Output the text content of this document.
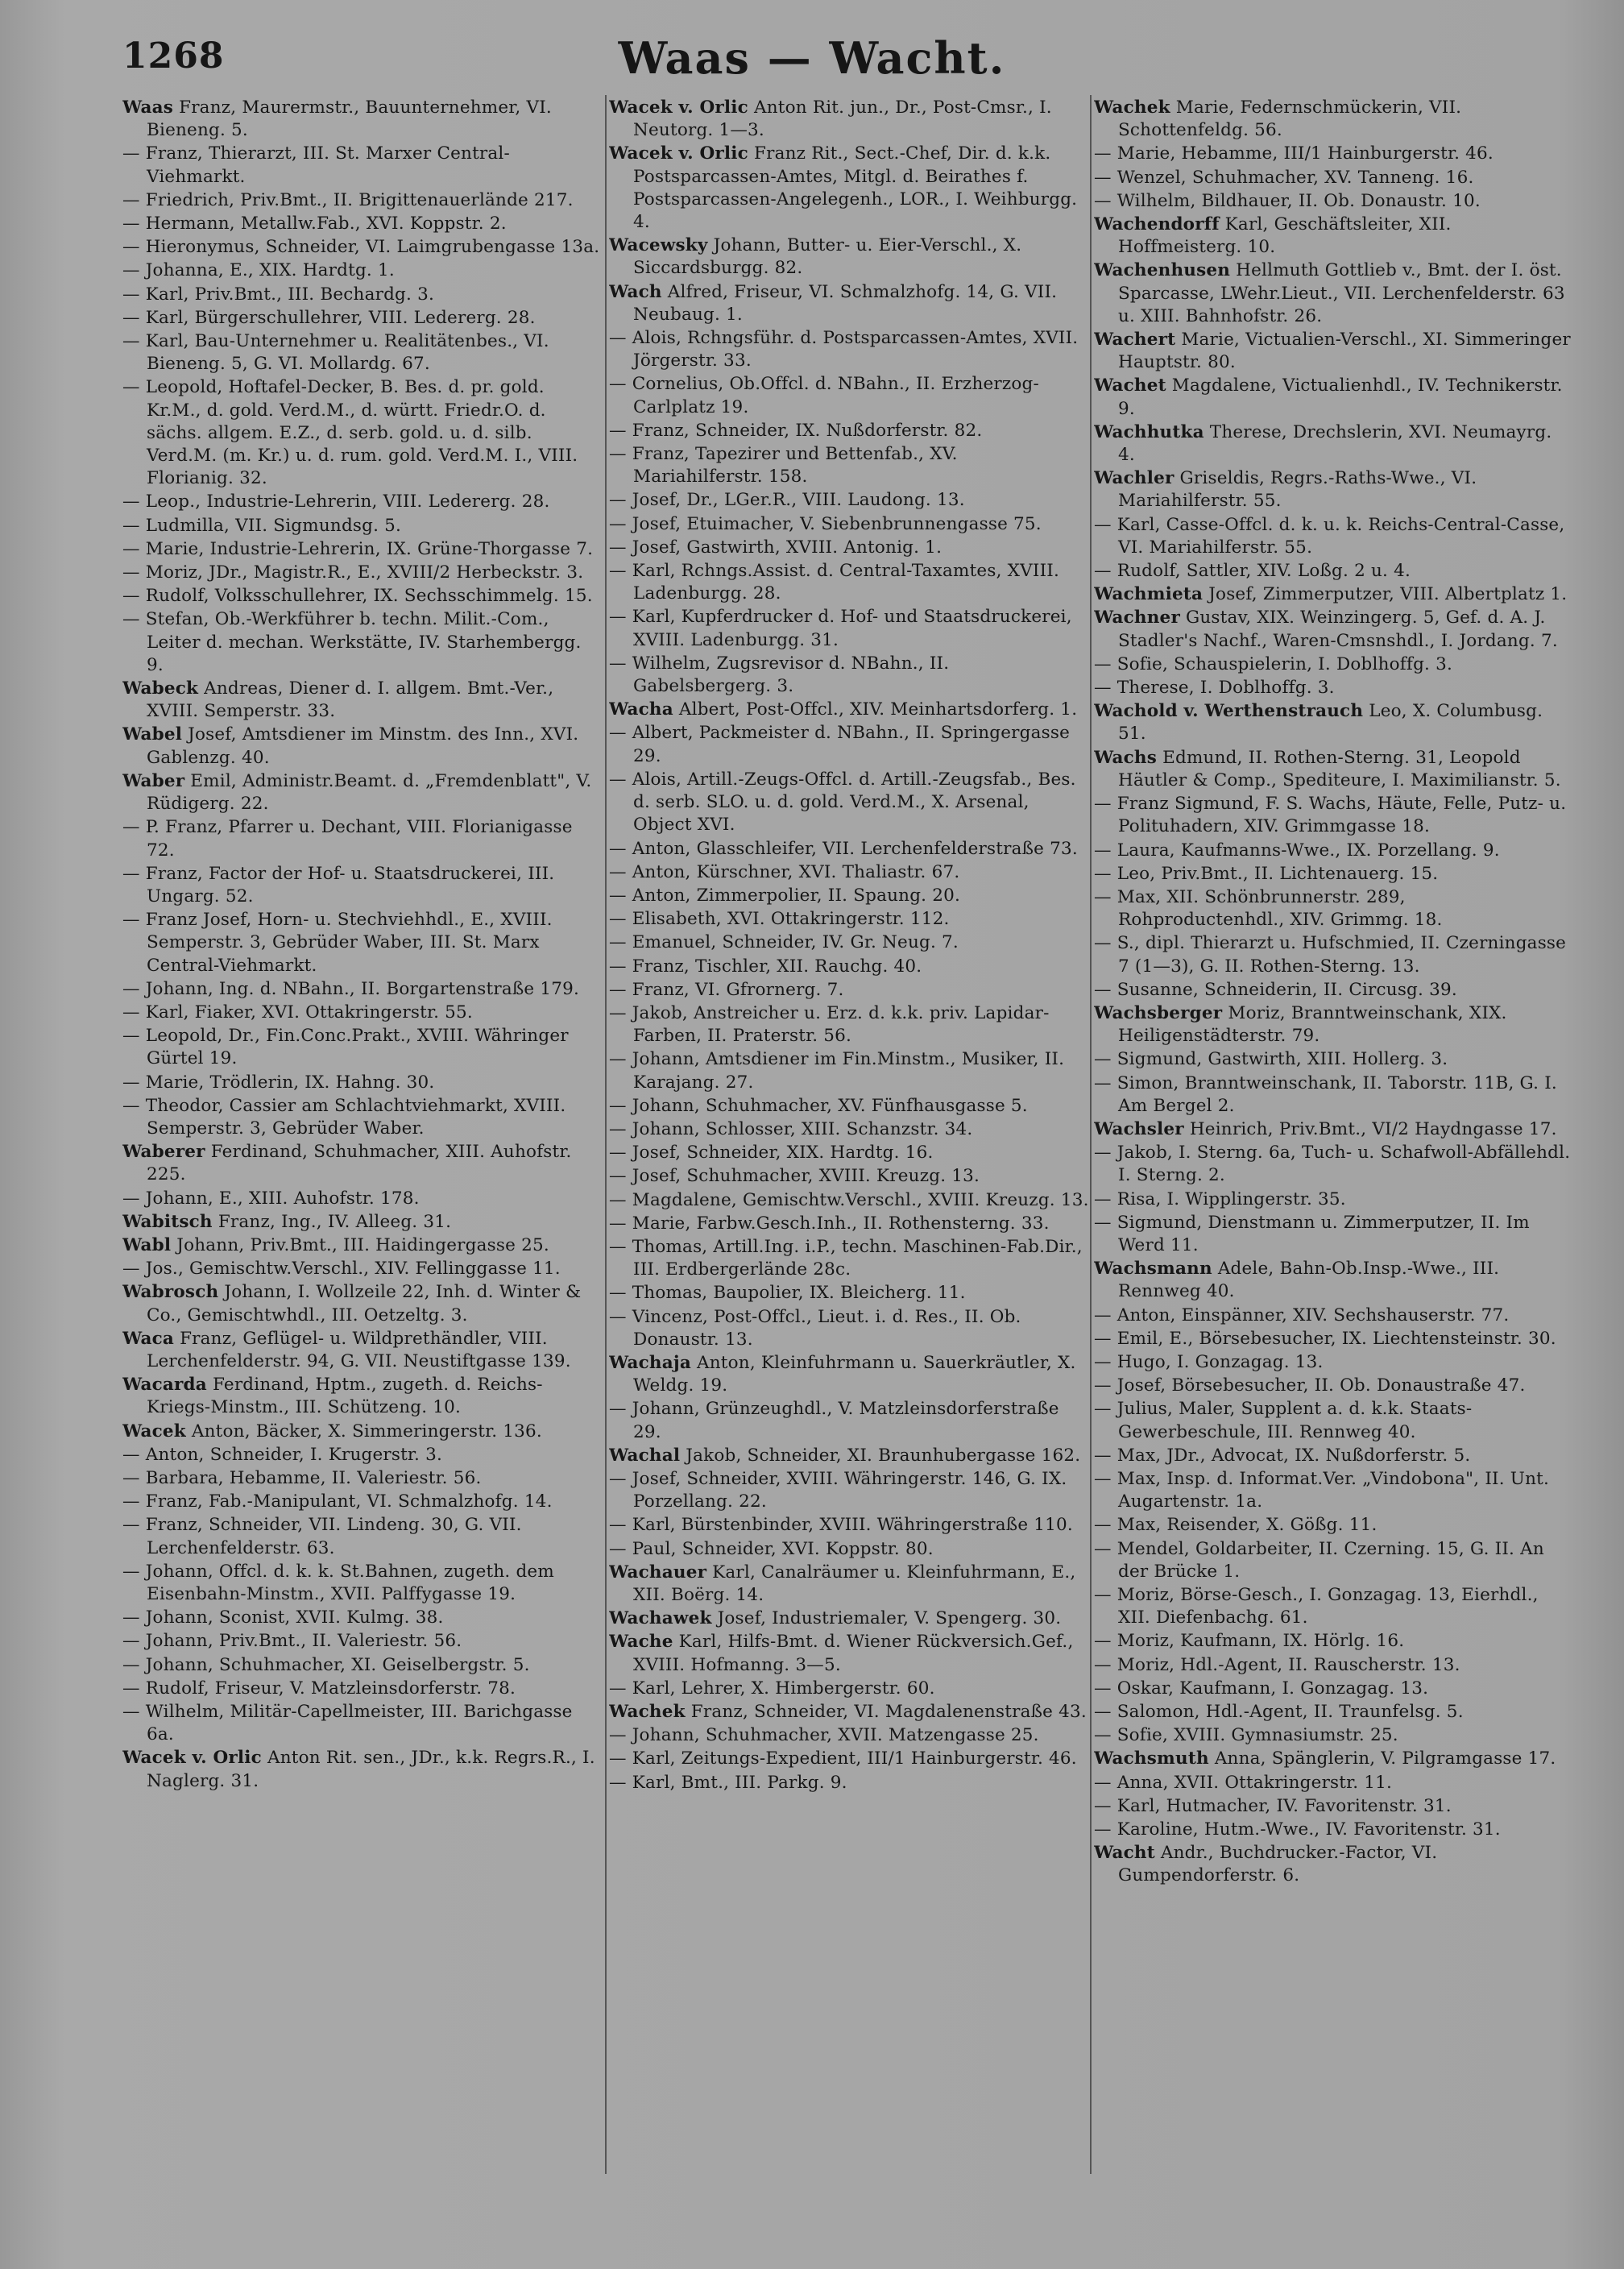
1268	Waas — Wacht.
Waas Franz, Maurermstr., Bauunternehmer, VI. Bieneng. 5.
— Franz, Thierarzt, III. St. Marxer Central-Viehmarkt.
— Friedrich, Priv.Bmt., II. Brigittenauerlände 217.
— Hermann, Metallw.Fab., XVI. Koppstr. 2.
— Hieronymus, Schneider, VI. Laimgrubengasse 13a.
— Johanna, E., XIX. Hardtg. 1.
— Karl, Priv.Bmt., III. Bechardg. 3.
— Karl, Bürgerschullehrer, VIII. Ledererg. 28.
— Karl, Bau-Unternehmer u. Realitätenbes., VI. Bieneng. 5, G. VI. Mollardg. 67.
— Leopold, Hoftafel-Decker, B. Bes. d. pr. gold. Kr.M., d. gold. Verd.M., d. württ. Friedr.O. d. sächs. allgem. E.Z., d. serb. gold. u. d. silb. Verd.M. (m. Kr.) u. d. rum. gold. Verd.M. I., VIII. Florianig. 32.
— Leop., Industrie-Lehrerin, VIII. Ledererg. 28.
— Ludmilla, VII. Sigmundsg. 5.
— Marie, Industrie-Lehrerin, IX. Grüne-Thorgasse 7.
— Moriz, JDr., Magistr.R., E., XVIII/2 Herbeckstr. 3.
— Rudolf, Volksschullehrer, IX. Sechsschimmelg. 15.
— Stefan, Ob.-Werkführer b. techn. Milit.-Com., Leiter d. mechan. Werkstätte, IV. Starhembergg. 9.
Wabeck Andreas, Diener d. I. allgem. Bmt.-Ver., XVIII. Semperstr. 33.
Wabel Josef, Amtsdiener im Minstm. des Inn., XVI. Gablenzg. 40.
Waber Emil, Administr.Beamt. d. „Fremdenblatt", V. Rüdigerg. 22.
— P. Franz, Pfarrer u. Dechant, VIII. Florianigasse 72.
— Franz, Factor der Hof- u. Staatsdruckerei, III. Ungarg. 52.
— Franz Josef, Horn- u. Stechviehhdl., E., XVIII. Semperstr. 3, Gebrüder Waber, III. St. Marx Central-Viehmarkt.
— Johann, Ing. d. NBahn., II. Borgartenstraße 179.
— Karl, Fiaker, XVI. Ottakringerstr. 55.
— Leopold, Dr., Fin.Conc.Prakt., XVIII. Währinger Gürtel 19.
— Marie, Trödlerin, IX. Hahng. 30.
— Theodor, Cassier am Schlachtviehmarkt, XVIII. Semperstr. 3, Gebrüder Waber.
Waberer Ferdinand, Schuhmacher, XIII. Auhofstr. 225.
— Johann, E., XIII. Auhofstr. 178.
Wabitsch Franz, Ing., IV. Alleeg. 31.
Wabl Johann, Priv.Bmt., III. Haidingergasse 25.
— Jos., Gemischtw.Verschl., XIV. Fellinggasse 11.
Wabrosch Johann, I. Wollzeile 22, Inh. d. Winter & Co., Gemischtwhdl., III. Oetzeltg. 3.
Waca Franz, Geflügel- u. Wildprethändler, VIII. Lerchenfelderstr. 94, G. VII. Neustiftgasse 139.
Wacarda Ferdinand, Hptm., zugeth. d. Reichs-Kriegs-Minstm., III. Schützeng. 10.
Wacek Anton, Bäcker, X. Simmeringerstr. 136.
— Anton, Schneider, I. Krugerstr. 3.
— Barbara, Hebamme, II. Valeriestr. 56.
— Franz, Fab.-Manipulant, VI. Schmalzhofg. 14.
— Franz, Schneider, VII. Lindeng. 30, G. VII. Lerchenfelderstr. 63.
— Johann, Offcl. d. k. k. St.Bahnen, zugeth. dem Eisenbahn-Minstm., XVII. Palffygasse 19.
— Johann, Sconist, XVII. Kulmg. 38.
— Johann, Priv.Bmt., II. Valeriestr. 56.
— Johann, Schuhmacher, XI. Geiselbergstr. 5.
— Rudolf, Friseur, V. Matzleinsdorferstr. 78.
— Wilhelm, Militär-Capellmeister, III. Barichgasse 6a.
Wacek v. Orlic Anton Rit. sen., JDr., k.k. Regrs.R., I. Naglerg. 31.
Wacek v. Orlic Anton Rit. jun., Dr., Post-Cmsr., I. Neutorg. 1—3.
Wacek v. Orlic Franz Rit., Sect.-Chef, Dir. d. k.k. Postsparcassen-Amtes, Mitgl. d. Beirathes f. Postsparcassen-Angelegenh., LOR., I. Weihburgg. 4.
Wacewsky Johann, Butter- u. Eier-Verschl., X. Siccardsburgg. 82.
Wach Alfred, Friseur, VI. Schmalzhofg. 14, G. VII. Neubaug. 1.
— Alois, Rchngsführ. d. Postsparcassen-Amtes, XVII. Jörgerstr. 33.
— Cornelius, Ob.Offcl. d. NBahn., II. Erzherzog-Carlplatz 19.
— Franz, Schneider, IX. Nußdorferstr. 82.
— Franz, Tapezirer und Bettenfab., XV. Mariahilferstr. 158.
— Josef, Dr., LGer.R., VIII. Laudong. 13.
— Josef, Etuimacher, V. Siebenbrunnengasse 75.
— Josef, Gastwirth, XVIII. Antonig. 1.
— Karl, Rchngs.Assist. d. Central-Taxamtes, XVIII. Ladenburgg. 28.
— Karl, Kupferdrucker d. Hof- und Staatsdruckerei, XVIII. Ladenburgg. 31.
— Wilhelm, Zugsrevisor d. NBahn., II. Gabelsbergerg. 3.
Wacha Albert, Post-Offcl., XIV. Meinhartsdorferg. 1.
— Albert, Packmeister d. NBahn., II. Springergasse 29.
— Alois, Artill.-Zeugs-Offcl. d. Artill.-Zeugsfab., Bes. d. serb. SLO. u. d. gold. Verd.M., X. Arsenal, Object XVI.
— Anton, Glasschleifer, VII. Lerchenfelderstraße 73.
— Anton, Kürschner, XVI. Thaliastr. 67.
— Anton, Zimmerpolier, II. Spaung. 20.
— Elisabeth, XVI. Ottakringerstr. 112.
— Emanuel, Schneider, IV. Gr. Neug. 7.
— Franz, Tischler, XII. Rauchg. 40.
— Franz, VI. Gfrornerg. 7.
— Jakob, Anstreicher u. Erz. d. k.k. priv. Lapidar-Farben, II. Praterstr. 56.
— Johann, Amtsdiener im Fin.Minstm., Musiker, II. Karajang. 27.
— Johann, Schuhmacher, XV. Fünfhausgasse 5.
— Johann, Schlosser, XIII. Schanzstr. 34.
— Josef, Schneider, XIX. Hardtg. 16.
— Josef, Schuhmacher, XVIII. Kreuzg. 13.
— Magdalene, Gemischtw.Verschl., XVIII. Kreuzg. 13.
— Marie, Farbw.Gesch.Inh., II. Rothensterng. 33.
— Thomas, Artill.Ing. i.P., techn. Maschinen-Fab.Dir., III. Erdbergerlände 28c.
— Thomas, Baupolier, IX. Bleicherg. 11.
— Vincenz, Post-Offcl., Lieut. i. d. Res., II. Ob. Donaustr. 13.
Wachaja Anton, Kleinfuhrmann u. Sauerkräutler, X. Weldg. 19.
— Johann, Grünzeughdl., V. Matzleinsdorferstraße 29.
Wachal Jakob, Schneider, XI. Braunhubergasse 162.
— Josef, Schneider, XVIII. Währingerstr. 146, G. IX. Porzellang. 22.
— Karl, Bürstenbinder, XVIII. Währingerstraße 110.
— Paul, Schneider, XVI. Koppstr. 80.
Wachauer Karl, Canalräumer u. Kleinfuhrmann, E., XII. Boërg. 14.
Wachawek Josef, Industriemaler, V. Spengerg. 30.
Wache Karl, Hilfs-Bmt. d. Wiener Rückversich.Gef., XVIII. Hofmanng. 3—5.
— Karl, Lehrer, X. Himbergerstr. 60.
Wachek Franz, Schneider, VI. Magdalenenstraße 43.
— Johann, Schuhmacher, XVII. Matzengasse 25.
— Karl, Zeitungs-Expedient, III/1 Hainburgerstr. 46.
— Karl, Bmt., III. Parkg. 9.
Wachek Marie, Federnschmückerin, VII. Schottenfeldg. 56.
— Marie, Hebamme, III/1 Hainburgerstr. 46.
— Wenzel, Schuhmacher, XV. Tanneng. 16.
— Wilhelm, Bildhauer, II. Ob. Donaustr. 10.
Wachendorff Karl, Geschäftsleiter, XII. Hoffmeisterg. 10.
Wachenhusen Hellmuth Gottlieb v., Bmt. der I. öst. Sparcasse, LWehr.Lieut., VII. Lerchenfelderstr. 63 u. XIII. Bahnhofstr. 26.
Wachert Marie, Victualien-Verschl., XI. Simmeringer Hauptstr. 80.
Wachet Magdalene, Victualienhdl., IV. Technikerstr. 9.
Wachhutka Therese, Drechslerin, XVI. Neumayrg. 4.
Wachler Griseldis, Regrs.-Raths-Wwe., VI. Mariahilferstr. 55.
— Karl, Casse-Offcl. d. k. u. k. Reichs-Central-Casse, VI. Mariahilferstr. 55.
— Rudolf, Sattler, XIV. Loßg. 2 u. 4.
Wachmieta Josef, Zimmerputzer, VIII. Albertplatz 1.
Wachner Gustav, XIX. Weinzingerg. 5, Gef. d. A. J. Stadler's Nachf., Waren-Cmsnshdl., I. Jordang. 7.
— Sofie, Schauspielerin, I. Doblhoffg. 3.
— Therese, I. Doblhoffg. 3.
Wachold v. Werthenstrauch Leo, X. Columbusg. 51.
Wachs Edmund, II. Rothen-Sterng. 31, Leopold Häutler & Comp., Spediteure, I. Maximilianstr. 5.
— Franz Sigmund, F. S. Wachs, Häute, Felle, Putz- u. Polituhadern, XIV. Grimmgasse 18.
— Laura, Kaufmanns-Wwe., IX. Porzellang. 9.
— Leo, Priv.Bmt., II. Lichtenauerg. 15.
— Max, XII. Schönbrunnerstr. 289, Rohproductenhdl., XIV. Grimmg. 18.
— S., dipl. Thierarzt u. Hufschmied, II. Czerningasse 7 (1—3), G. II. Rothen-Sterng. 13.
— Susanne, Schneiderin, II. Circusg. 39.
Wachsberger Moriz, Branntweinschank, XIX. Heiligenstädterstr. 79.
— Sigmund, Gastwirth, XIII. Hollerg. 3.
— Simon, Branntweinschank, II. Taborstr. 11B, G. I. Am Bergel 2.
Wachsler Heinrich, Priv.Bmt., VI/2 Haydngasse 17.
— Jakob, I. Sterng. 6a, Tuch- u. Schafwoll-Abfällehdl. I. Sterng. 2.
— Risa, I. Wipplingerstr. 35.
— Sigmund, Dienstmann u. Zimmerputzer, II. Im Werd 11.
Wachsmann Adele, Bahn-Ob.Insp.-Wwe., III. Rennweg 40.
— Anton, Einspänner, XIV. Sechshauserstr. 77.
— Emil, E., Börsebesucher, IX. Liechtensteinstr. 30.
— Hugo, I. Gonzagag. 13.
— Josef, Börsebesucher, II. Ob. Donaustraße 47.
— Julius, Maler, Supplent a. d. k.k. Staats-Gewerbeschule, III. Rennweg 40.
— Max, JDr., Advocat, IX. Nußdorferstr. 5.
— Max, Insp. d. Informat.Ver. „Vindobona", II. Unt. Augartenstr. 1a.
— Max, Reisender, X. Gößg. 11.
— Mendel, Goldarbeiter, II. Czerning. 15, G. II. An der Brücke 1.
— Moriz, Börse-Gesch., I. Gonzagag. 13, Eierhdl., XII. Diefenbachg. 61.
— Moriz, Kaufmann, IX. Hörlg. 16.
— Moriz, Hdl.-Agent, II. Rauscherstr. 13.
— Oskar, Kaufmann, I. Gonzagag. 13.
— Salomon, Hdl.-Agent, II. Traunfelsg. 5.
— Sofie, XVIII. Gymnasiumstr. 25.
Wachsmuth Anna, Spänglerin, V. Pilgramgasse 17.
— Anna, XVII. Ottakringerstr. 11.
— Karl, Hutmacher, IV. Favoritenstr. 31.
— Karoline, Hutm.-Wwe., IV. Favoritenstr. 31.
Wacht Andr., Buchdrucker.-Factor, VI. Gumpendorferstr. 6.
